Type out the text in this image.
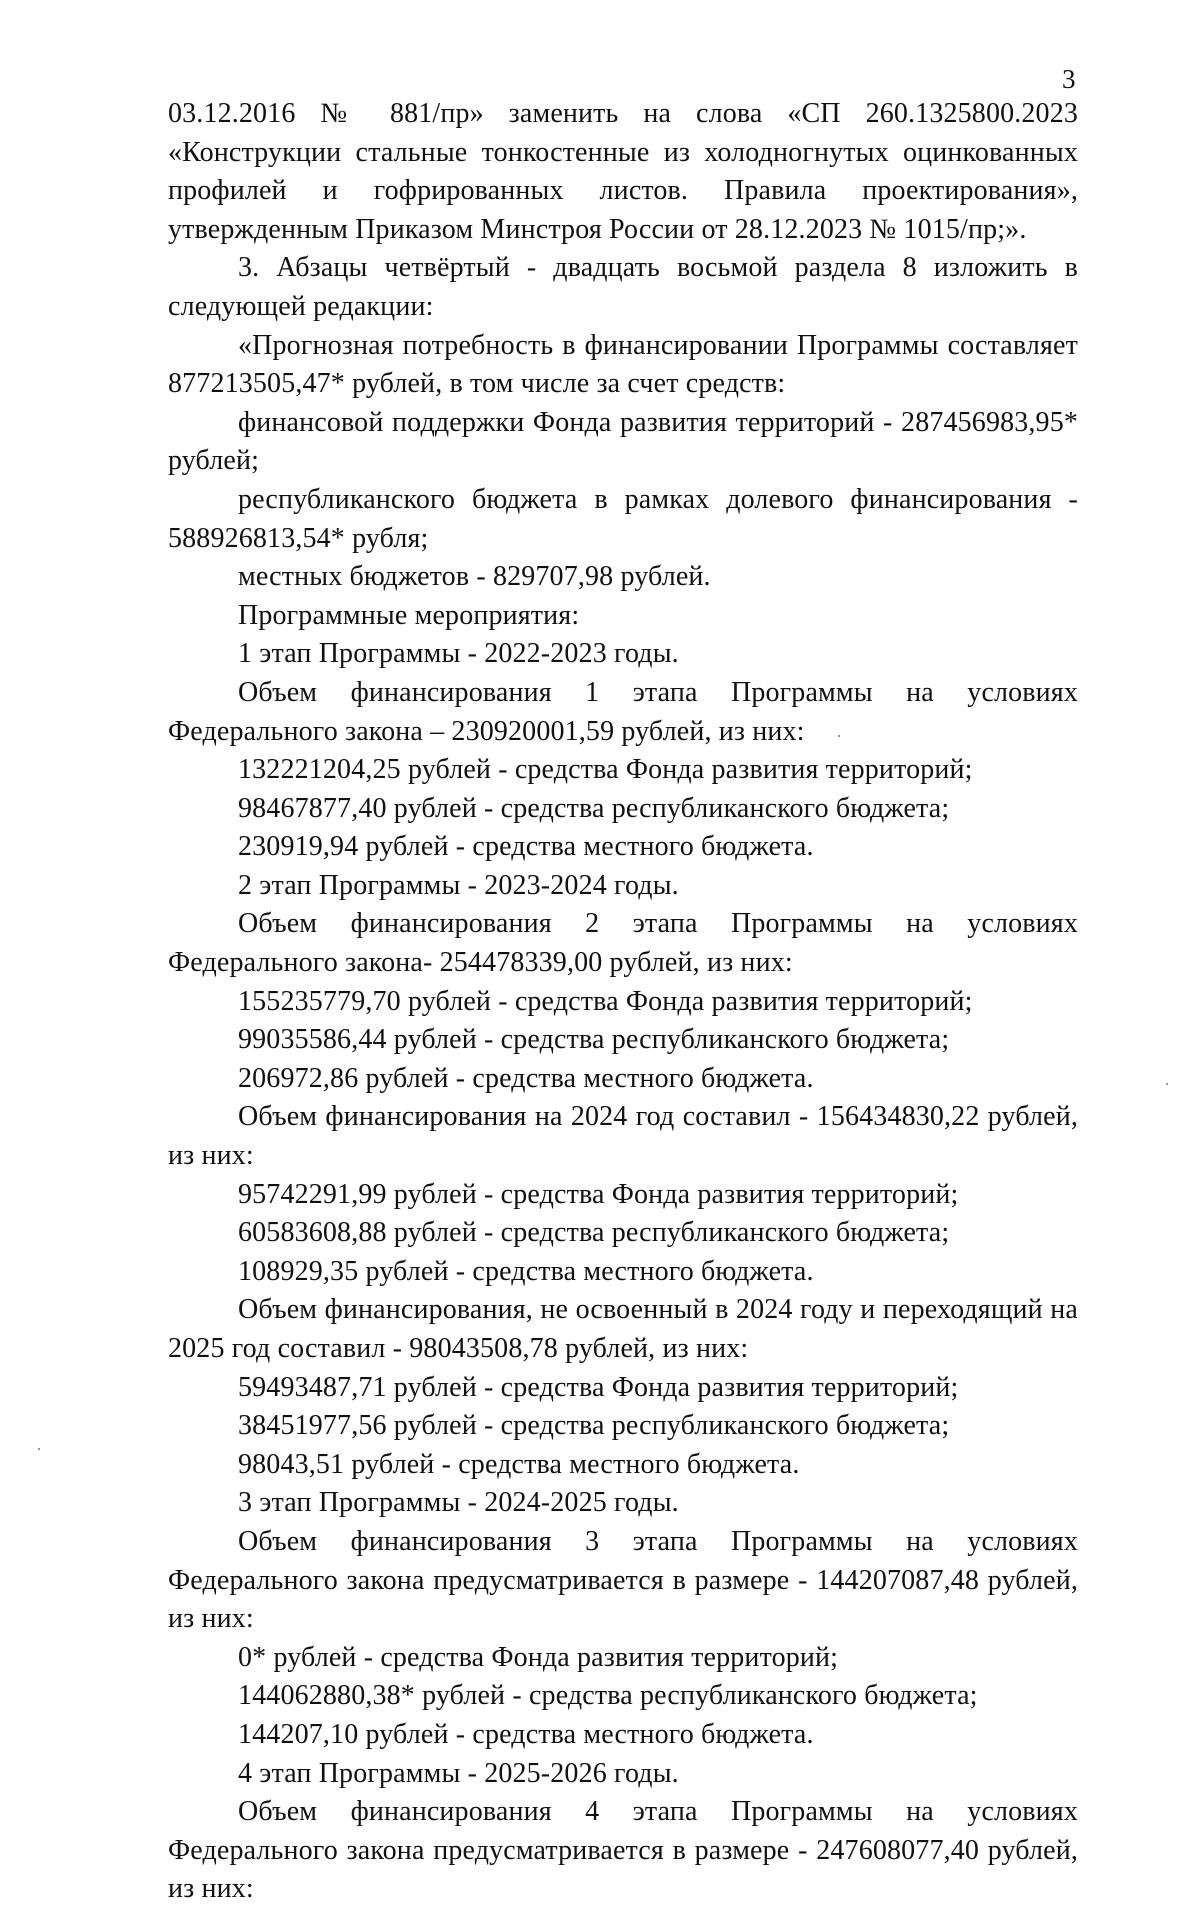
3

03.12.2016 № 881/пр» заменить на слова «СП 260.1325800.2023 «Конструкции стальные тонкостенные из холодногнутых оцинкованных профилей и гофрированных листов. Правила проектирования», утвержденным Приказом Минстроя России от 28.12.2023 № 1015/пр;».

3. Абзацы четвёртый - двадцать восьмой раздела 8 изложить в следующей редакции:

«Прогнозная потребность в финансировании Программы составляет 877213505,47* рублей, в том числе за счет средств:

финансовой поддержки Фонда развития территорий - 287456983,95* рублей;

республиканского бюджета в рамках долевого финансирования - 588926813,54* рубля;

местных бюджетов - 829707,98 рублей.

Программные мероприятия:

1 этап Программы - 2022-2023 годы.

Объем финансирования 1 этапа Программы на условиях Федерального закона – 230920001,59 рублей, из них:

132221204,25 рублей - средства Фонда развития территорий;

98467877,40 рублей - средства республиканского бюджета;

230919,94 рублей - средства местного бюджета.

2 этап Программы - 2023-2024 годы.

Объем финансирования 2 этапа Программы на условиях Федерального закона- 254478339,00 рублей, из них:

155235779,70 рублей - средства Фонда развития территорий;

99035586,44 рублей - средства республиканского бюджета;

206972,86 рублей - средства местного бюджета.

Объем финансирования на 2024 год составил - 156434830,22 рублей, из них:

95742291,99 рублей - средства Фонда развития территорий;

60583608,88 рублей - средства республиканского бюджета;

108929,35 рублей - средства местного бюджета.

Объем финансирования, не освоенный в 2024 году и переходящий на 2025 год составил - 98043508,78 рублей, из них:

59493487,71 рублей - средства Фонда развития территорий;

38451977,56 рублей - средства республиканского бюджета;

98043,51 рублей - средства местного бюджета.

3 этап Программы - 2024-2025 годы.

Объем финансирования 3 этапа Программы на условиях Федерального закона предусматривается в размере - 144207087,48 рублей, из них:

0* рублей - средства Фонда развития территорий;

144062880,38* рублей - средства республиканского бюджета;

144207,10 рублей - средства местного бюджета.

4 этап Программы - 2025-2026 годы.

Объем финансирования 4 этапа Программы на условиях Федерального закона предусматривается в размере - 247608077,40 рублей, из них:
